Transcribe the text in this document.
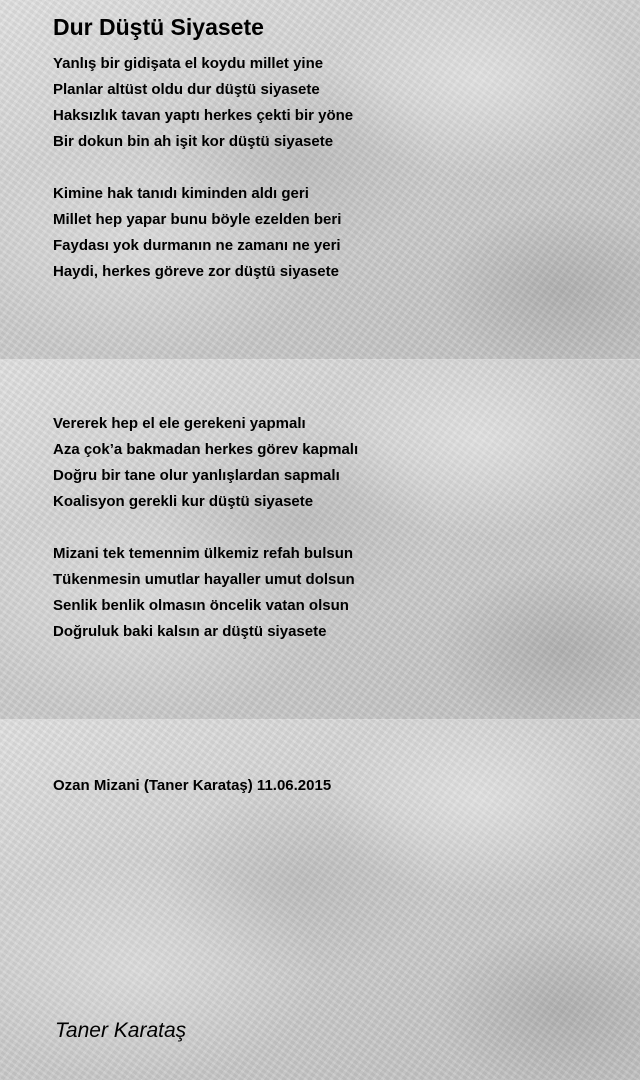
Dur Düştü Siyasete
Yanlış bir gidişata el koydu millet yine
Planlar altüst oldu dur düştü siyasete
Haksızlık tavan yaptı herkes çekti bir yöne
Bir dokun bin ah işit kor düştü siyasete
Kimine hak tanıdı kiminden aldı geri
Millet hep yapar bunu böyle ezelden beri
Faydası yok durmanın ne zamanı ne yeri
Haydi, herkes göreve zor düştü siyasete
Vererek hep el ele gerekeni yapmalı
Aza çok’a bakmadan herkes görev kapmalı
Doğru bir tane olur yanlışlardan sapmalı
Koalisyon gerekli kur düştü siyasete
Mizani tek temennim ülkemiz refah bulsun
Tükenmesin umutlar hayaller umut dolsun
Senlik benlik olmasın öncelik vatan olsun
Doğruluk baki kalsın ar düştü siyasete
Ozan Mizani (Taner Karataş) 11.06.2015
Taner Karataş
